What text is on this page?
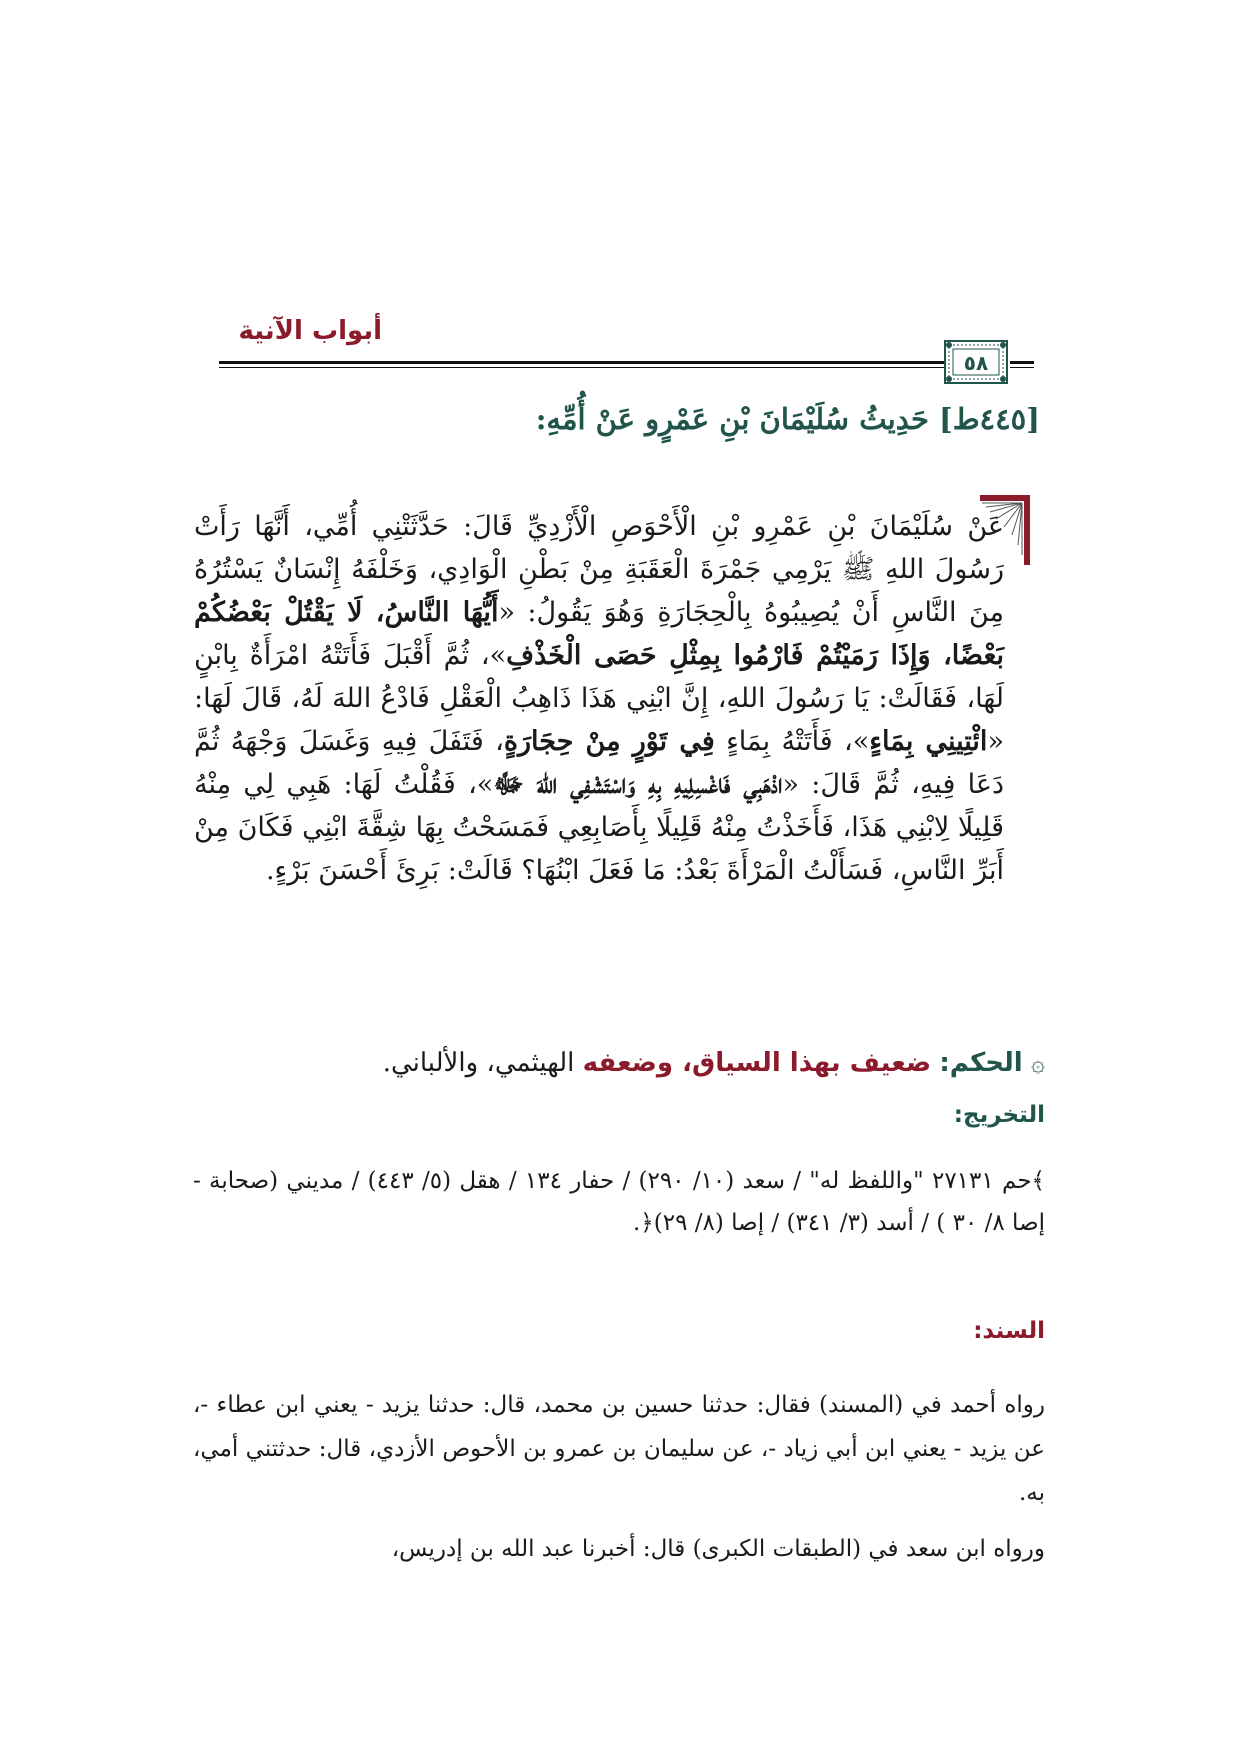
أبواب الآنية
٥٨
[٤٤٥ط] حَدِيثُ سُلَيْمَانَ بْنِ عَمْرٍو عَنْ أُمِّهِ:

عَنْ سُلَيْمَانَ بْنِ عَمْرِو بْنِ الْأَحْوَصِ الْأَزْدِيِّ قَالَ: حَدَّثَتْنِي أُمِّي، أَنَّهَا رَأَتْ رَسُولَ اللهِ ﷺ يَرْمِي جَمْرَةَ الْعَقَبَةِ مِنْ بَطْنِ الْوَادِي، وَخَلْفَهُ إِنْسَانٌ يَسْتُرُهُ مِنَ النَّاسِ أَنْ يُصِيبُوهُ بِالْحِجَارَةِ وَهُوَ يَقُولُ: «أَيُّهَا النَّاسُ، لَا يَقْتُلْ بَعْضُكُمْ بَعْضًا، وَإِذَا رَمَيْتُمْ فَارْمُوا بِمِثْلِ حَصَى الْخَذْفِ»، ثُمَّ أَقْبَلَ فَأَتَتْهُ امْرَأَةٌ بِابْنٍ لَهَا، فَقَالَتْ: يَا رَسُولَ اللهِ، إِنَّ ابْنِي هَذَا ذَاهِبُ الْعَقْلِ فَادْعُ اللهَ لَهُ، قَالَ لَهَا: «ائْتِينِي بِمَاءٍ»، فَأَتَتْهُ بِمَاءٍ فِي تَوْرٍ مِنْ حِجَارَةٍ، فَتَفَلَ فِيهِ وَغَسَلَ وَجْهَهُ ثُمَّ دَعَا فِيهِ، ثُمَّ قَالَ: «اذْهَبِي فَاغْسِلِيهِ بِهِ وَاسْتَشْفِي اللهَ ﷻ»، فَقُلْتُ لَهَا: هَبِي لِي مِنْهُ قَلِيلًا لِابْنِي هَذَا، فَأَخَذْتُ مِنْهُ قَلِيلًا بِأَصَابِعِي فَمَسَحْتُ بِهَا شِقَّةَ ابْنِي فَكَانَ مِنْ أَبَرِّ النَّاسِ، فَسَأَلْتُ الْمَرْأَةَ بَعْدُ: مَا فَعَلَ ابْنُهَا؟ قَالَتْ: بَرِئَ أَحْسَنَ بَرْءٍ.

۞ الحكم: ضعيف بهذا السياق، وضعفه الهيثمي، والألباني.
التخريج:
﴾حم ٢٧١٣١ "واللفظ له" / سعد (١٠/ ٢٩٠) / حفار ١٣٤ / هقل (٥/ ٤٤٣) / مديني (صحابة - إصا ٨/ ٣٠ ) / أسد (٣/ ٣٤١) / إصا (٨/ ٢٩)﴿.
السند:
رواه أحمد في (المسند) فقال: حدثنا حسين بن محمد، قال: حدثنا يزيد - يعني ابن عطاء -، عن يزيد - يعني ابن أبي زياد -، عن سليمان بن عمرو بن الأحوص الأزدي، قال: حدثتني أمي، به.
ورواه ابن سعد في (الطبقات الكبرى) قال: أخبرنا عبد الله بن إدريس،
